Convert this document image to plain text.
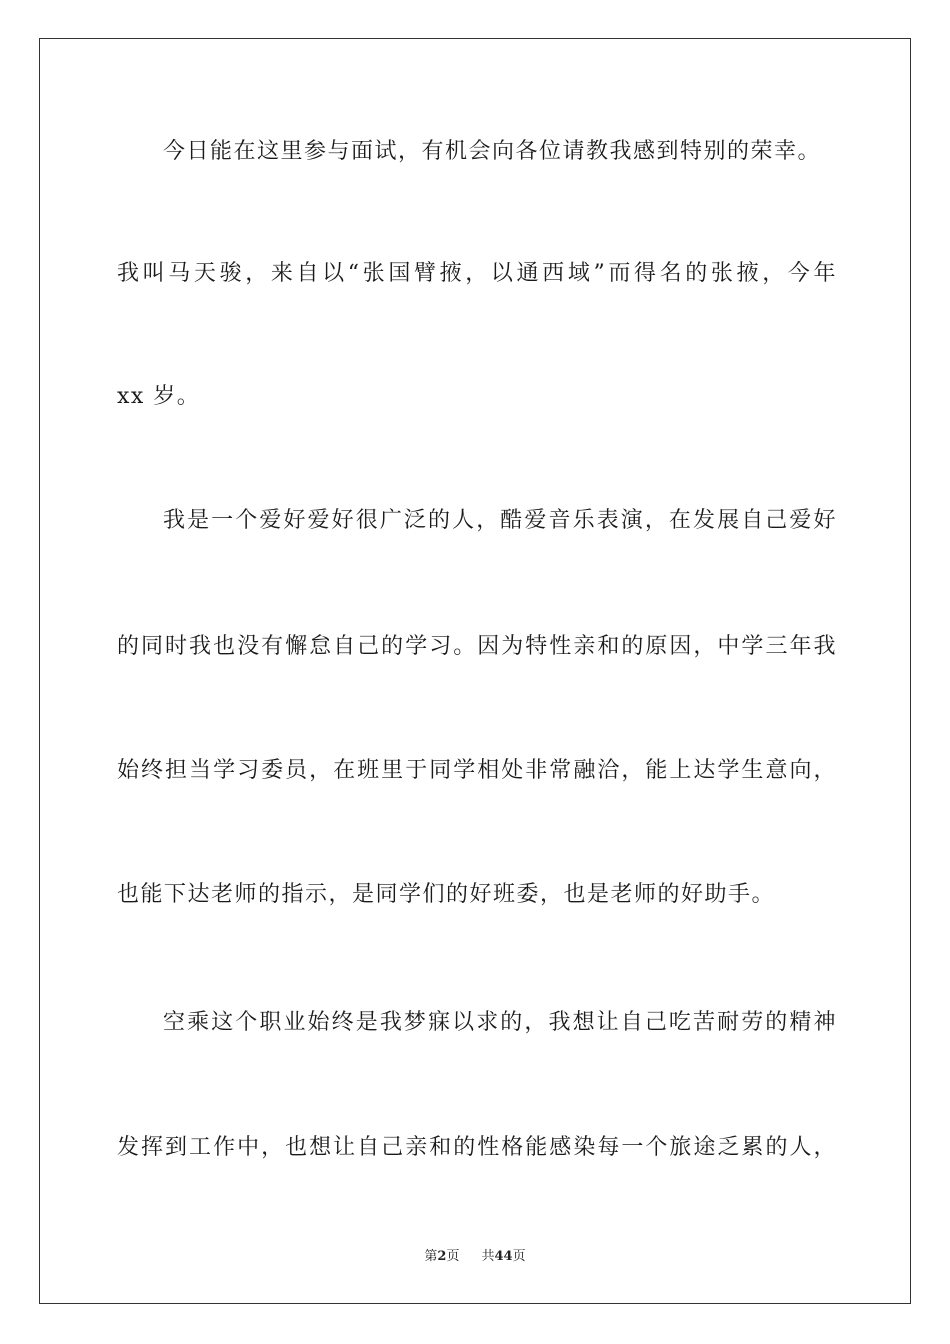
今日能在这里参与面试，有机会向各位请教我感到特别的荣幸。
我叫马天骏，来自以“张国臂掖，以通西域”而得名的张掖，今年
xx 岁。
我是一个爱好爱好很广泛的人，酷爱音乐表演，在发展自己爱好
的同时我也没有懈怠自己的学习。因为特性亲和的原因，中学三年我
始终担当学习委员，在班里于同学相处非常融洽，能上达学生意向，
也能下达老师的指示，是同学们的好班委，也是老师的好助手。
空乘这个职业始终是我梦寐以求的，我想让自己吃苦耐劳的精神
发挥到工作中，也想让自己亲和的性格能感染每一个旅途乏累的人，
第2页 共44页
